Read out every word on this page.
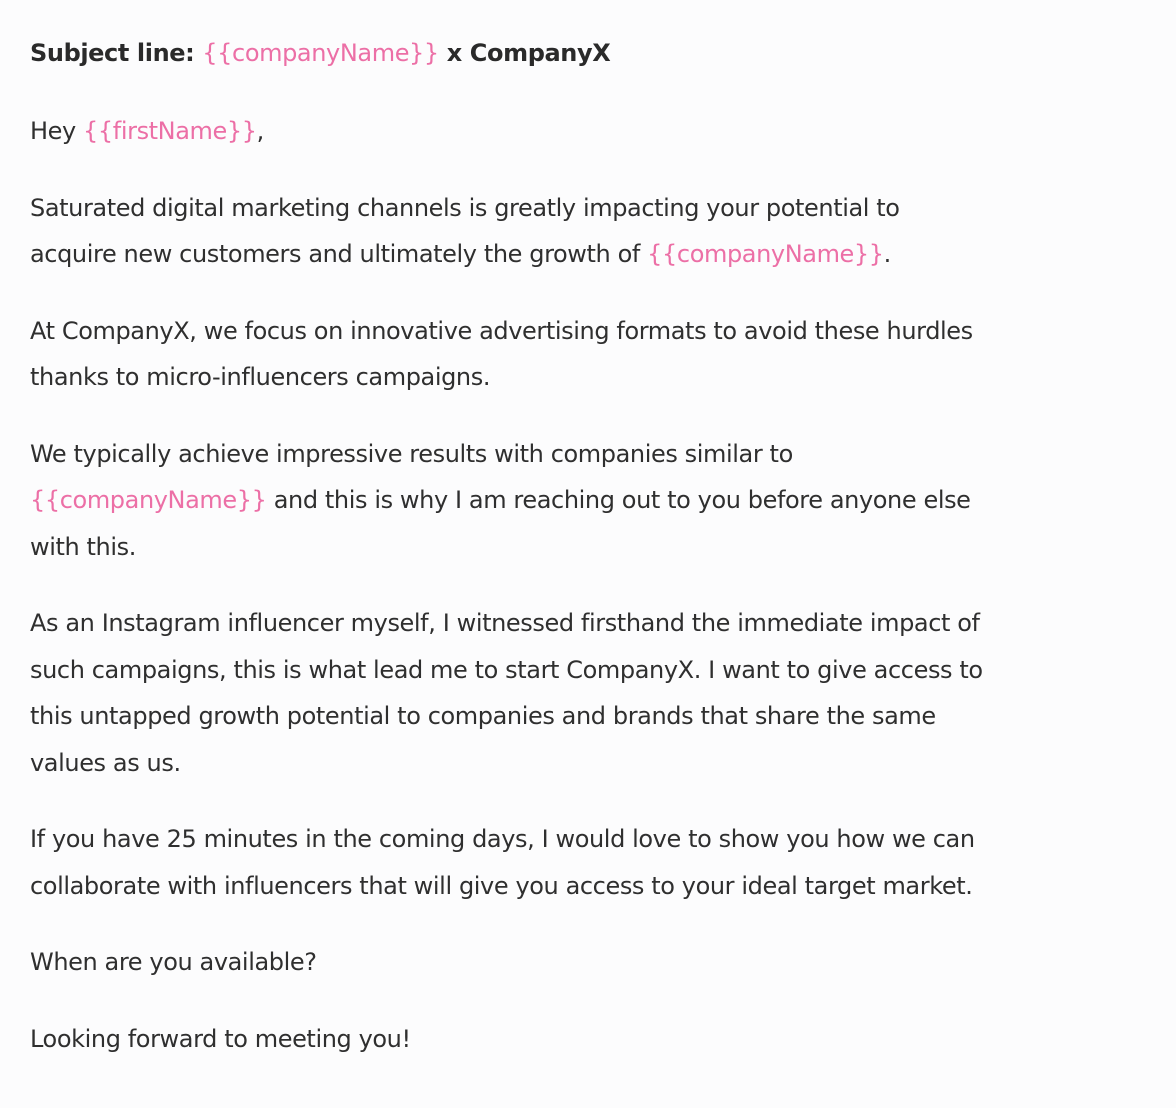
Subject line: {{companyName}} x CompanyX
Hey {{firstName}},
Saturated digital marketing channels is greatly impacting your potential to
acquire new customers and ultimately the growth of {{companyName}}.
At CompanyX, we focus on innovative advertising formats to avoid these hurdles
thanks to micro-influencers campaigns.
We typically achieve impressive results with companies similar to
{{companyName}} and this is why I am reaching out to you before anyone else
with this.
As an Instagram influencer myself, I witnessed firsthand the immediate impact of
such campaigns, this is what lead me to start CompanyX. I want to give access to
this untapped growth potential to companies and brands that share the same
values as us.
If you have 25 minutes in the coming days, I would love to show you how we can
collaborate with influencers that will give you access to your ideal target market.
When are you available?
Looking forward to meeting you!
